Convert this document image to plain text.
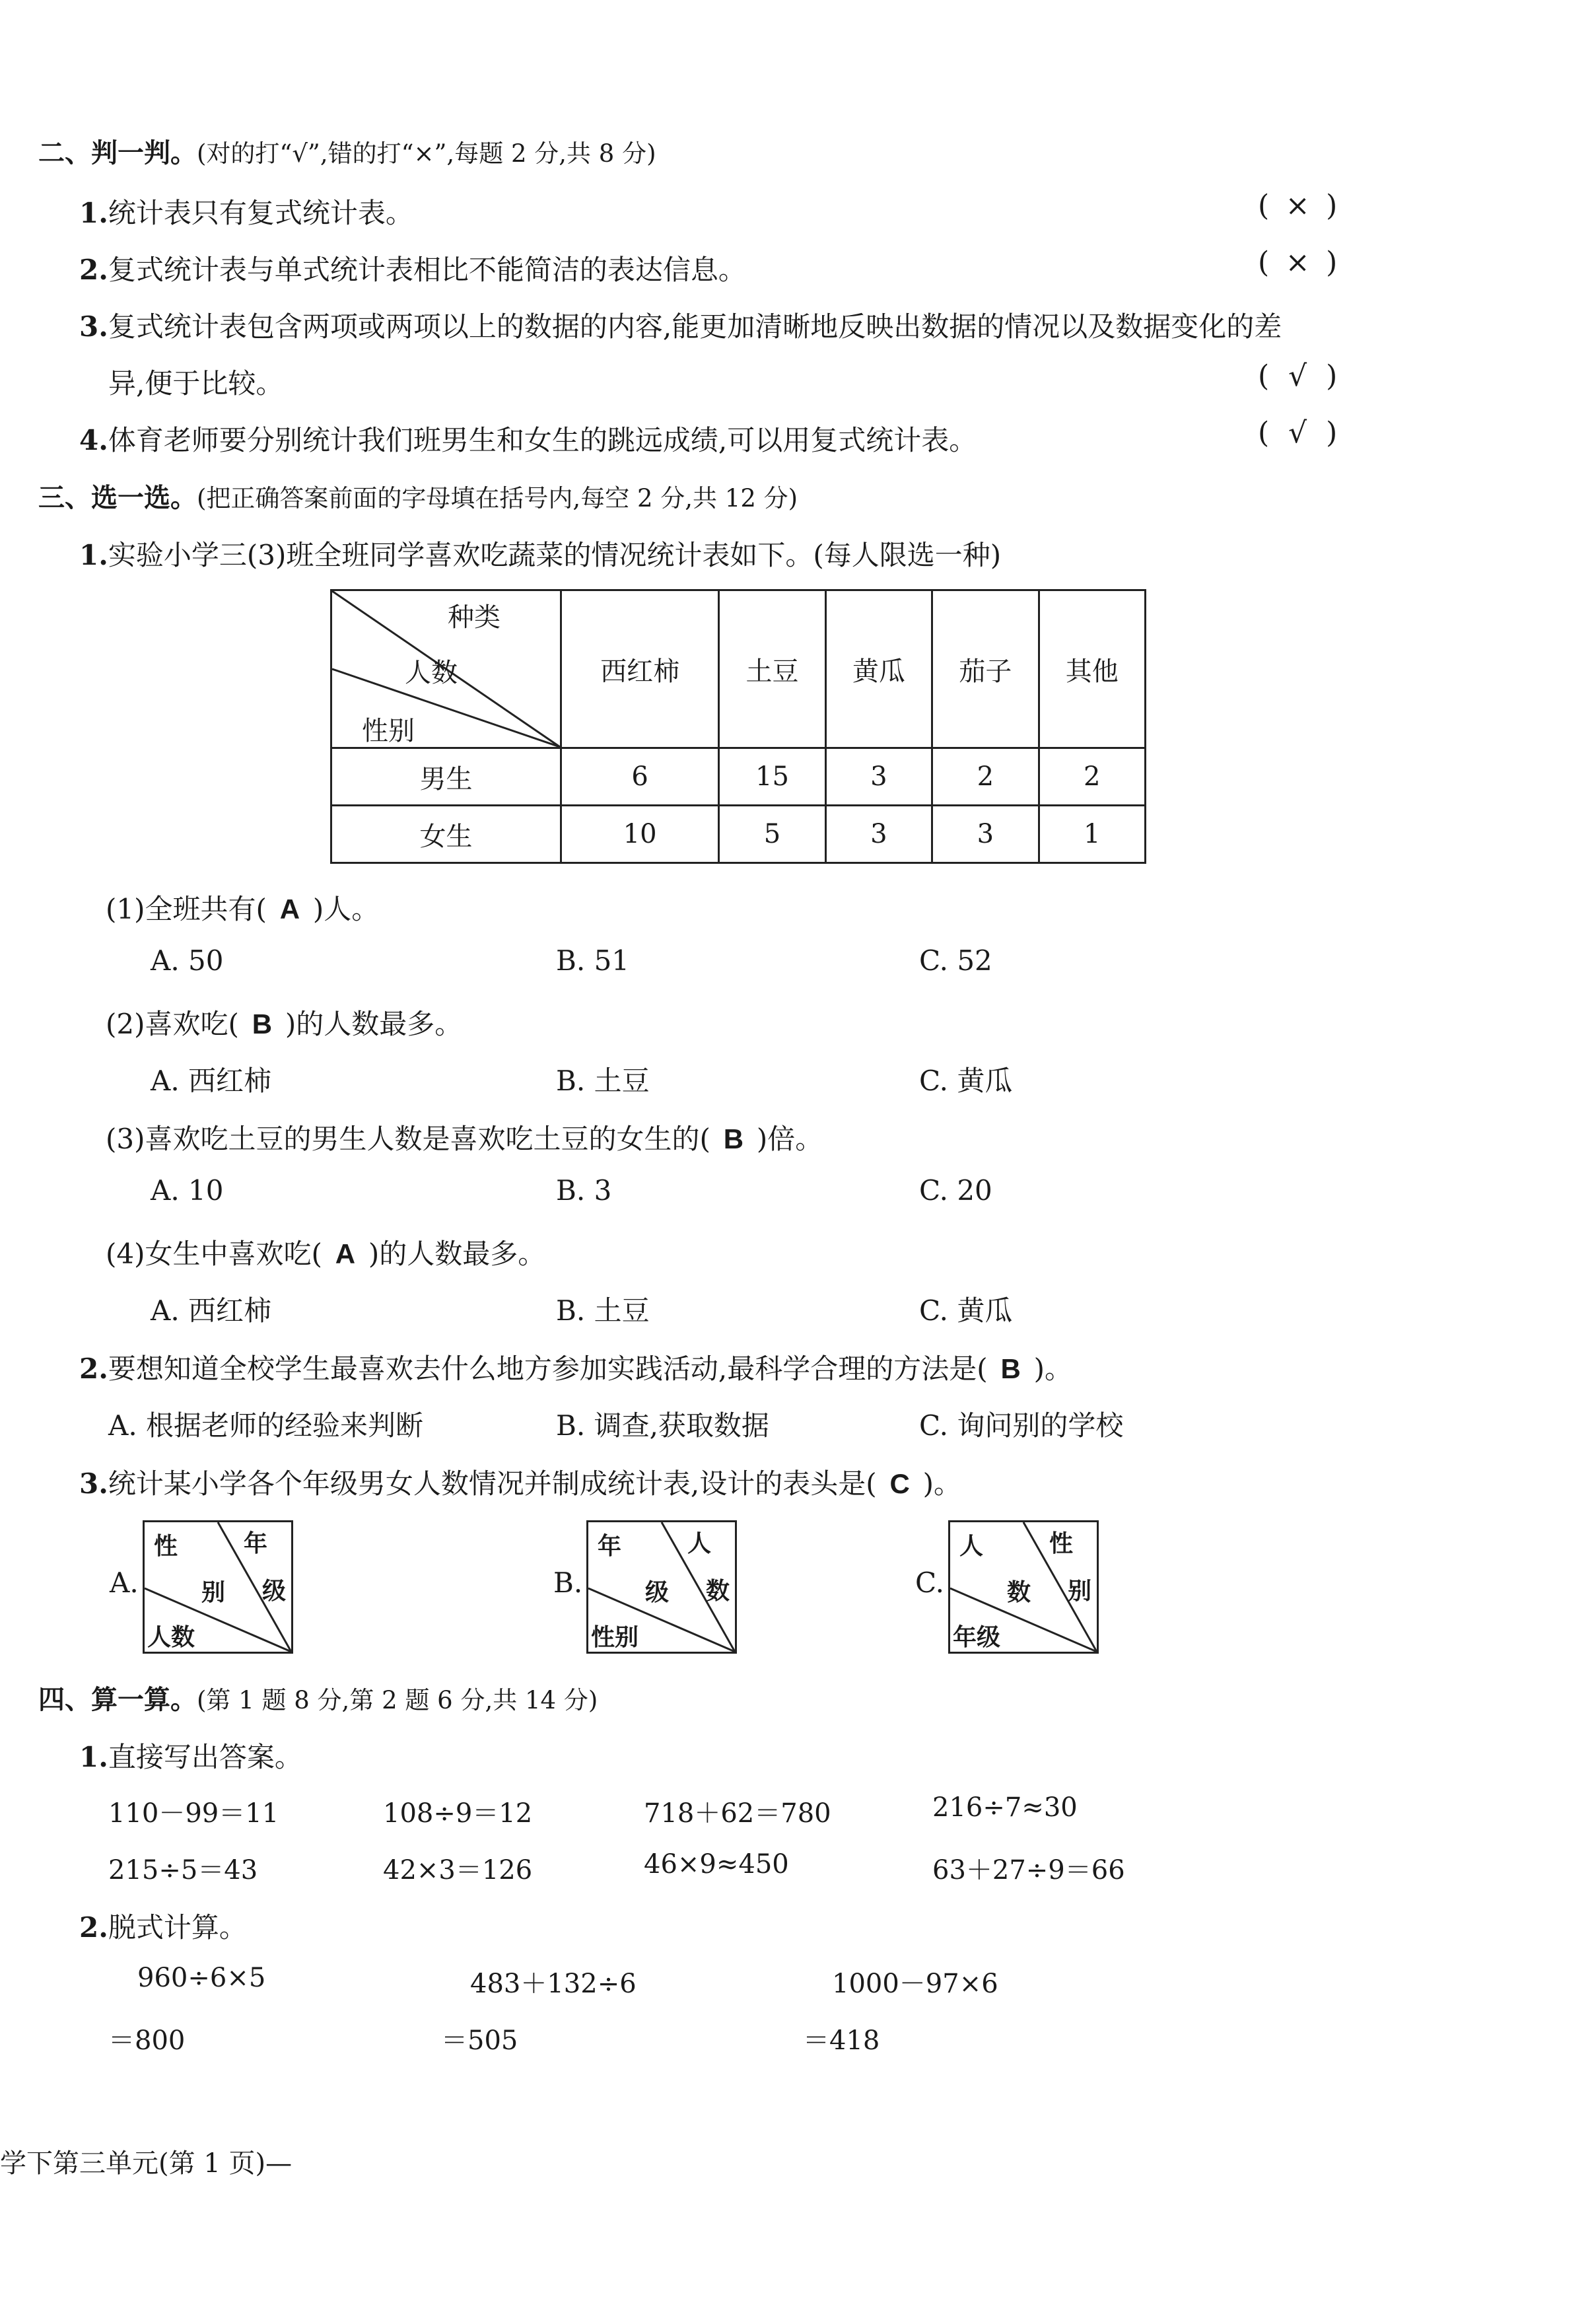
二、判一判。(对的打“√”,错的打“×”,每题 2 分,共 8 分)
1.统计表只有复式统计表。	( × )
2.复式统计表与单式统计表相比不能简洁的表达信息。	( × )
3.复式统计表包含两项或两项以上的数据的内容,能更加清晰地反映出数据的情况以及数据变化的差
异,便于比较。	( √ )
4.体育老师要分别统计我们班男生和女生的跳远成绩,可以用复式统计表。	( √ )
三、选一选。(把正确答案前面的字母填在括号内,每空 2 分,共 12 分)
1.实验小学三(3)班全班同学喜欢吃蔬菜的情况统计表如下。(每人限选一种)
种类
人数
性别	西红柿	土豆	黄瓜	茄子	其他
男生	6	15	3	2	2
女生	10	5	3	3	1
(1)全班共有( A )人。
A. 50	B. 51	C. 52
(2)喜欢吃( B )的人数最多。
A. 西红柿	B. 土豆	C. 黄瓜
(3)喜欢吃土豆的男生人数是喜欢吃土豆的女生的( B )倍。
A. 10	B. 3	C. 20
(4)女生中喜欢吃( A )的人数最多。
A. 西红柿	B. 土豆	C. 黄瓜
2.要想知道全校学生最喜欢去什么地方参加实践活动,最科学合理的方法是( B )。
A. 根据老师的经验来判断	B. 调查,获取数据	C. 询问别的学校
3.统计某小学各个年级男女人数情况并制成统计表,设计的表头是( C )。
A.
性	年
别 级
人数
B.
年	人
级 数
性别
C.
人	性
数 别
年级
四、算一算。(第 1 题 8 分,第 2 题 6 分,共 14 分)
1.直接写出答案。
110－99＝11	108÷9＝12	718＋62＝780	216÷7≈30
215÷5＝43	42×3＝126	46×9≈450	63＋27÷9＝66
2.脱式计算。
960÷6×5	483＋132÷6	1000－97×6
＝800	＝505	＝418
学下第三单元(第 1 页)—
